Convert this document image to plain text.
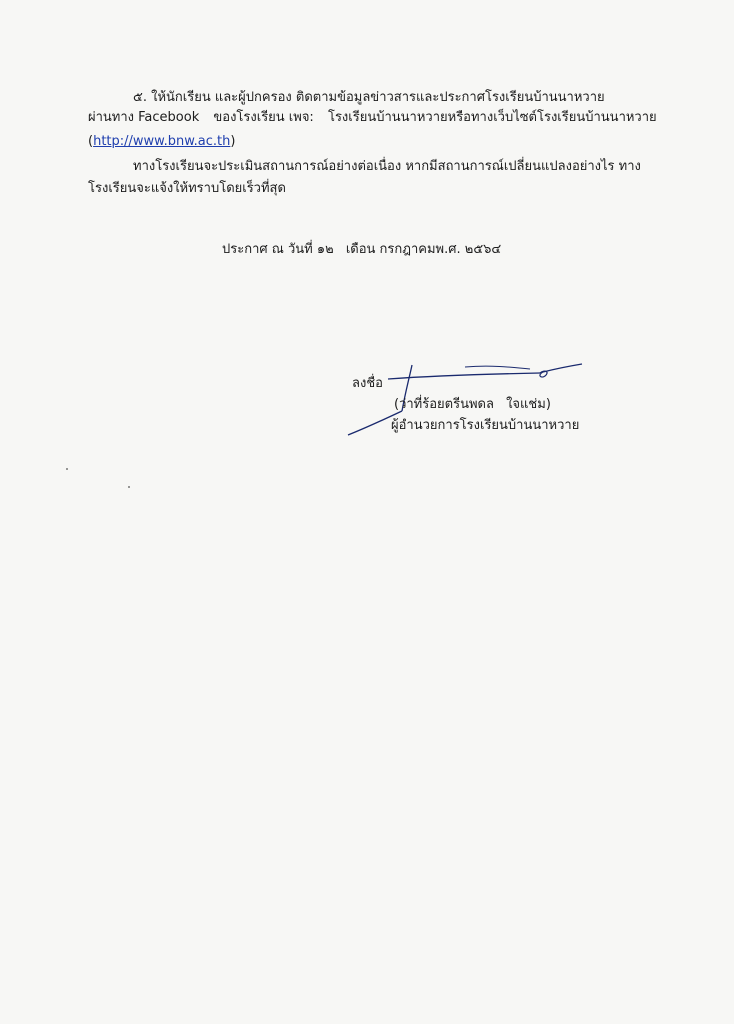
๕. ให้นักเรียน และผู้ปกครอง ติดตามข้อมูลข่าวสารและประกาศโรงเรียนบ้านนาหวาย
ผ่านทาง Facebook ของโรงเรียน เพจ: โรงเรียนบ้านนาหวายหรือทางเว็บไซต์โรงเรียนบ้านนาหวาย
(http://www.bnw.ac.th)
ทางโรงเรียนจะประเมินสถานการณ์อย่างต่อเนื่อง หากมีสถานการณ์เปลี่ยนแปลงอย่างไร ทาง
โรงเรียนจะแจ้งให้ทราบโดยเร็วที่สุด
ประกาศ ณ วันที่ ๑๒ เดือน กรกฎาคมพ.ศ. ๒๕๖๔
ลงชื่อ
(ว่าที่ร้อยตรีนพดล ใจแช่ม)
ผู้อำนวยการโรงเรียนบ้านนาหวาย
